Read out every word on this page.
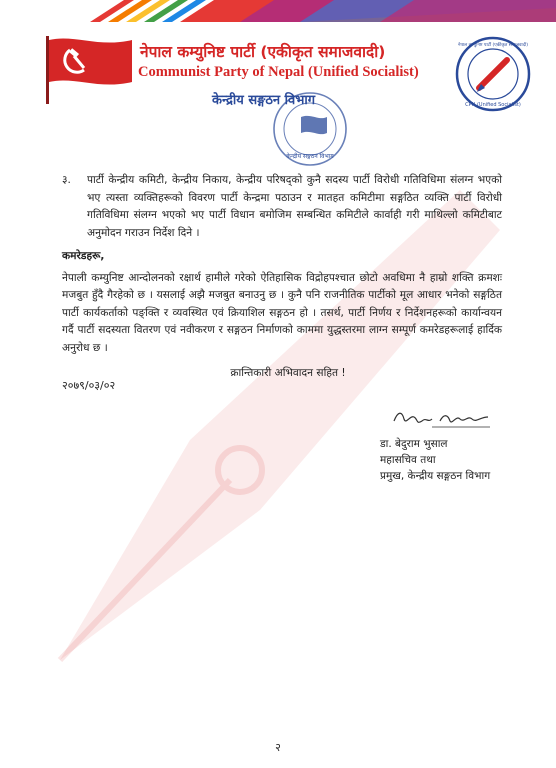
नेपाल कम्युनिष्ट पार्टी (एकीकृत समाजवादी)
Communist Party of Nepal (Unified Socialist)
केन्द्रीय सङ्गठन विभाग
केन्द्रीय सङ्गठन विभाग
CPN (Unified Socialist)
नेपाल कम्युनिष्ट पार्टी (एकीकृत समाजवादी)
३.	पार्टी केन्द्रीय कमिटी, केन्द्रीय निकाय, केन्द्रीय परिषद्को कुनै सदस्य पार्टी विरोधी गतिविधिमा संलग्न भएको भए त्यस्ता व्यक्तिहरूको विवरण पार्टी केन्द्रमा पठाउन र मातहत कमिटीमा सङ्गठित व्यक्ति पार्टी विरोधी गतिविधिमा संलग्न भएको भए पार्टी विधान बमोजिम सम्बन्धित कमिटीले कार्वाही गरी माथिल्लो कमिटीबाट अनुमोदन गराउन निर्देश दिने ।
कमरेडहरू,
नेपाली कम्युनिष्ट आन्दोलनको रक्षार्थ हामीले गरेको ऐतिहासिक विद्रोहपश्चात छोटो अवधिमा नै हाम्रो शक्ति क्रमशः मजबुत हुँदै गैरहेको छ । यसलाई अझै मजबुत बनाउनु छ । कुनै पनि राजनीतिक पार्टीको मूल आधार भनेको सङ्गठित पार्टी कार्यकर्ताको पङ्क्ति र व्यवस्थित एवं क्रियाशिल सङ्गठन हो । तसर्थ, पार्टी निर्णय र निर्देशनहरूको कार्यान्वयन गर्दै पार्टी सदस्यता वितरण एवं नवीकरण र सङ्गठन निर्माणको काममा युद्धस्तरमा लाग्न सम्पूर्ण कमरेडहरूलाई हार्दिक अनुरोध छ ।
क्रान्तिकारी अभिवादन सहित !
२०७९/०३/०२
डा. बेदुराम भुसाल
महासचिव तथा
प्रमुख, केन्द्रीय सङ्गठन विभाग
२
